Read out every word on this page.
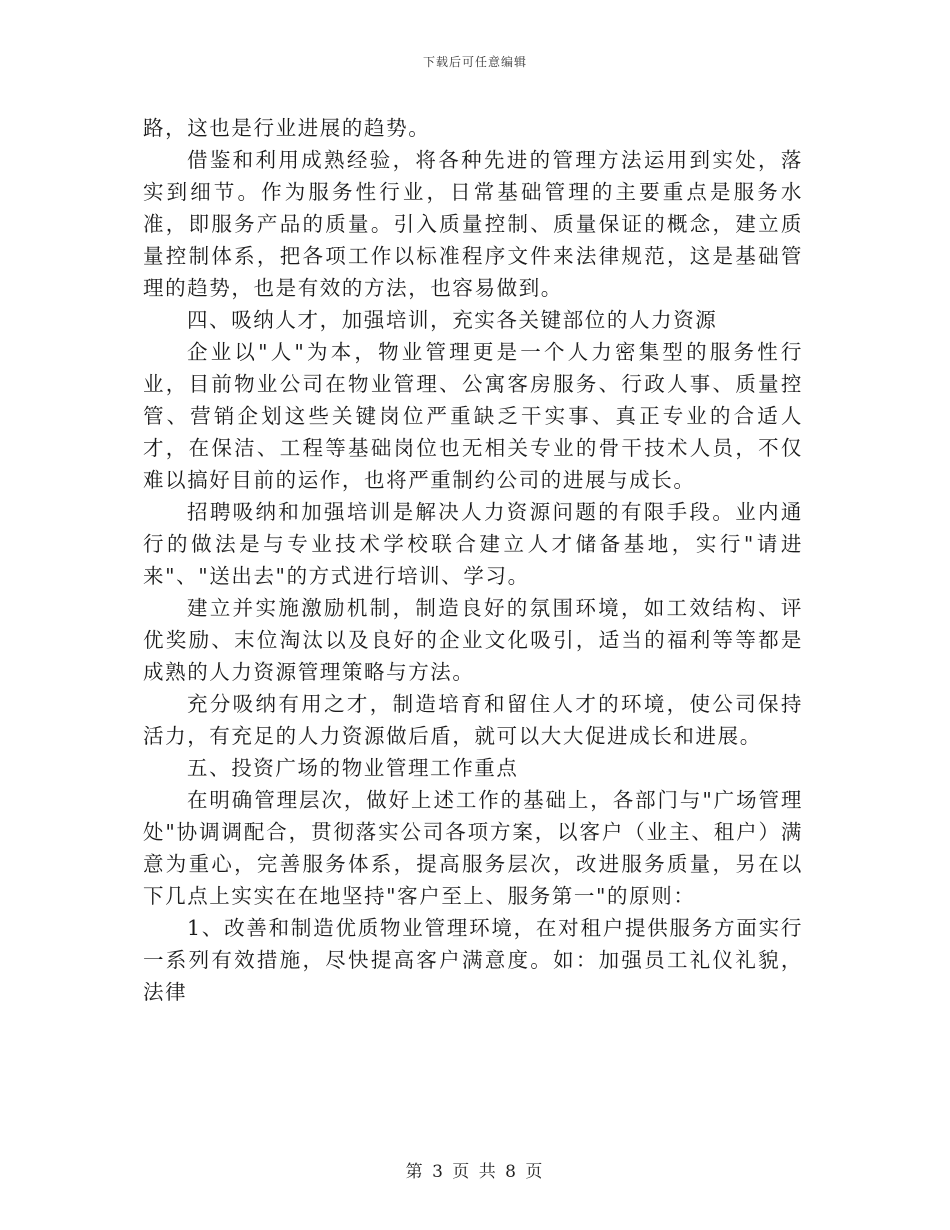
下载后可任意编辑

路，这也是行业进展的趋势。

借鉴和利用成熟经验，将各种先进的管理方法运用到实处，落实到细节。作为服务性行业，日常基础管理的主要重点是服务水准，即服务产品的质量。引入质量控制、质量保证的概念，建立质量控制体系，把各项工作以标准程序文件来法律规范，这是基础管理的趋势，也是有效的方法，也容易做到。

四、吸纳人才，加强培训，充实各关键部位的人力资源

企业以"人"为本，物业管理更是一个人力密集型的服务性行业，目前物业公司在物业管理、公寓客房服务、行政人事、质量控管、营销企划这些关键岗位严重缺乏干实事、真正专业的合适人才，在保洁、工程等基础岗位也无相关专业的骨干技术人员，不仅难以搞好目前的运作，也将严重制约公司的进展与成长。

招聘吸纳和加强培训是解决人力资源问题的有限手段。业内通行的做法是与专业技术学校联合建立人才储备基地，实行"请进来"、"送出去"的方式进行培训、学习。

建立并实施激励机制，制造良好的氛围环境，如工效结构、评优奖励、末位淘汰以及良好的企业文化吸引，适当的福利等等都是成熟的人力资源管理策略与方法。

充分吸纳有用之才，制造培育和留住人才的环境，使公司保持活力，有充足的人力资源做后盾，就可以大大促进成长和进展。

五、投资广场的物业管理工作重点

在明确管理层次，做好上述工作的基础上，各部门与"广场管理处"协调调配合，贯彻落实公司各项方案，以客户（业主、租户）满意为重心，完善服务体系，提高服务层次，改进服务质量，另在以下几点上实实在在地坚持"客户至上、服务第一"的原则：

1、改善和制造优质物业管理环境，在对租户提供服务方面实行一系列有效措施，尽快提高客户满意度。如：加强员工礼仪礼貌，法律

第 3 页 共 8 页
